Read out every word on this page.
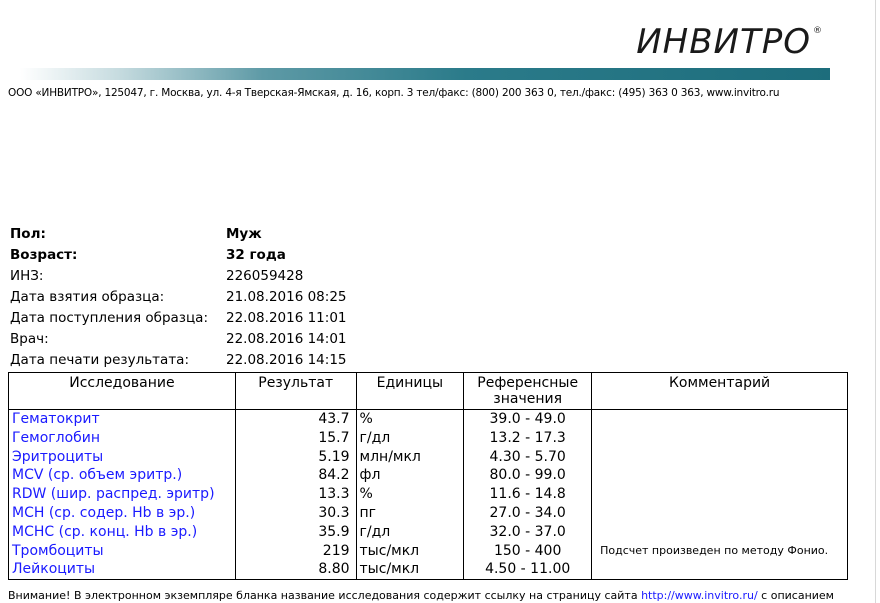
ИНВИТРО ®
ООО «ИНВИТРО», 125047, г. Москва, ул. 4-я Тверская-Ямская, д. 16, корп. 3 тел/факс: (800) 200 363 0, тел./факс: (495) 363 0 363, www.invitro.ru
Пол:	Муж
Возраст:	32 года
ИНЗ:	226059428
Дата взятия образца:	21.08.2016 08:25
Дата поступления образца: 22.08.2016 11:01
Врач:	22.08.2016 14:01
Дата печати результата:	22.08.2016 14:15
Исследование	Результат	Единицы	Референсные значения	Комментарий
Гематокрит	43.7	%	39.0 - 49.0	
Гемоглобин	15.7	г/дл	13.2 - 17.3	
Эритроциты	5.19	млн/мкл	4.30 - 5.70	
MCV (ср. объем эритр.)	84.2	фл	80.0 - 99.0	
RDW (шир. распред. эритр)	13.3	%	11.6 - 14.8	
MCH (ср. содер. Hb в эр.)	30.3	пг	27.0 - 34.0	
MCHC (ср. конц. Hb в эр.)	35.9	г/дл	32.0 - 37.0	
Тромбоциты	219	тыс/мкл	150 - 400	Подсчет произведен по методу Фонио.
Лейкоциты	8.80	тыс/мкл	4.50 - 11.00	
Внимание! В электронном экземпляре бланка название исследования содержит ссылку на страницу сайта http://www.invitro.ru/ с описанием
